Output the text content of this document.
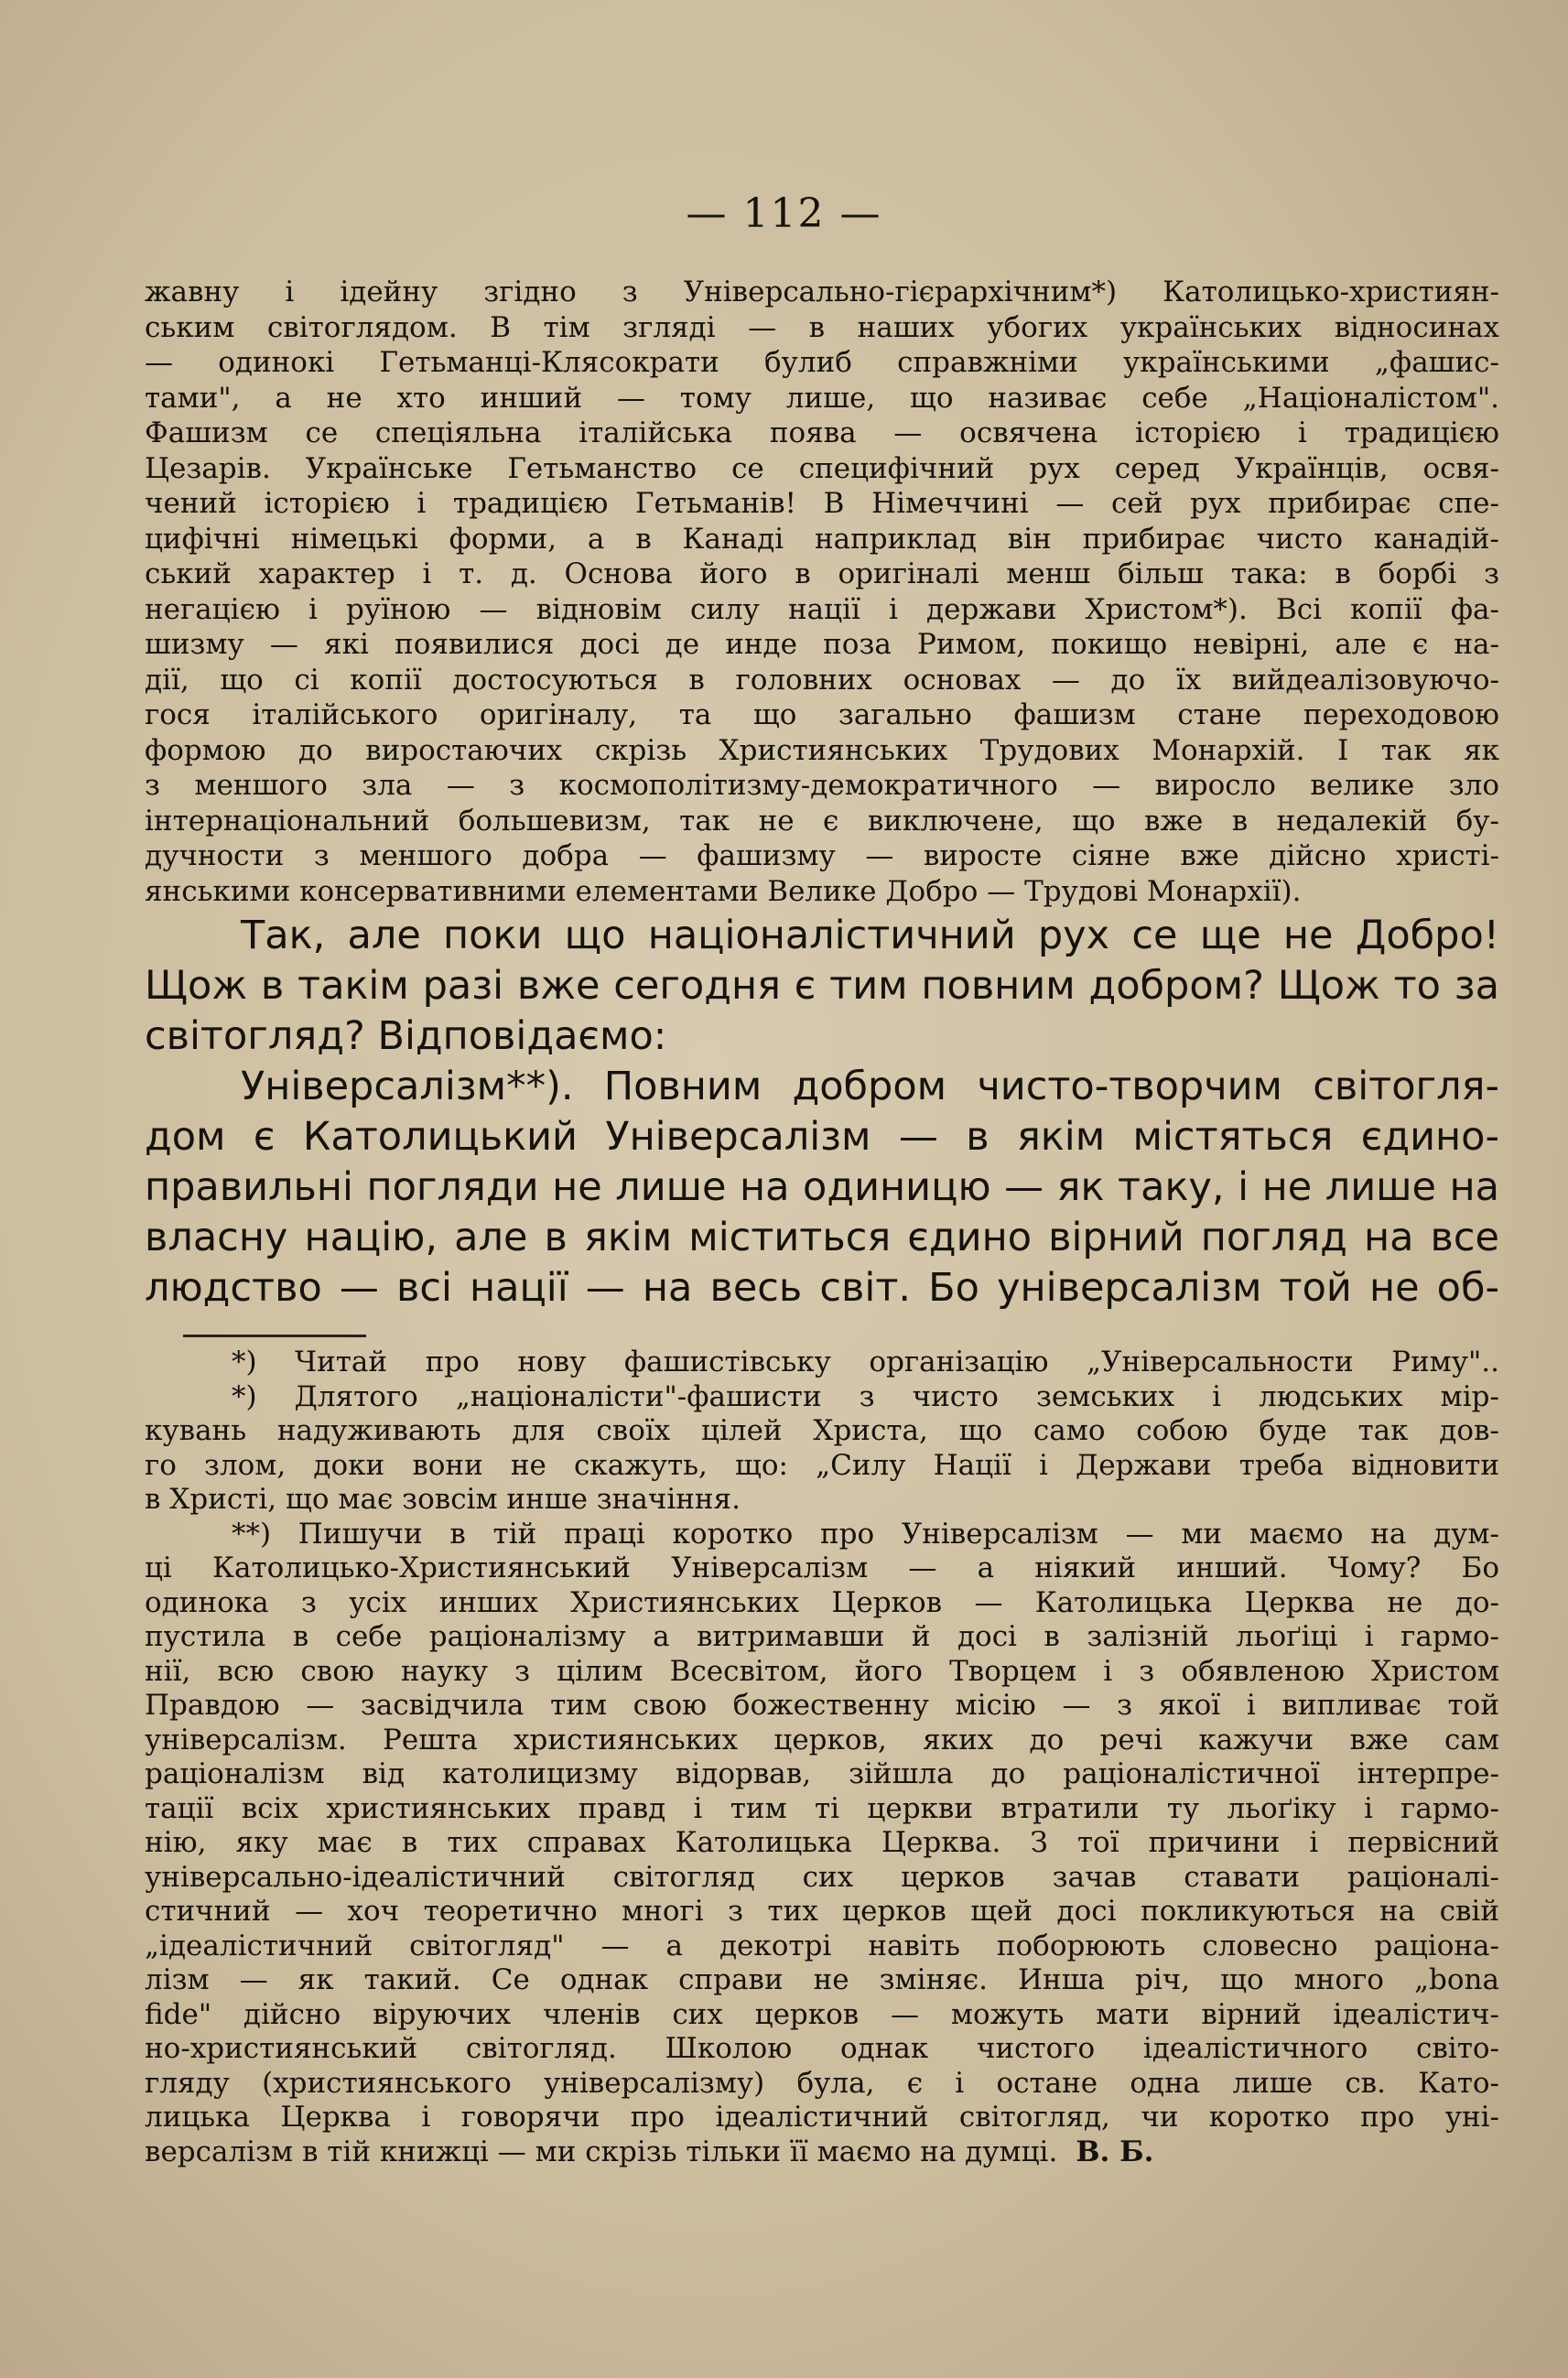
— 112 —
жавну і ідейну згідно з Універсально-гієрархічним*) Католицько-християн-
ським світоглядом. В тім зглядi — в наших убогих українських відносинах
— одинокі Гетьманці-Клясократи булиб справжніми українськими „фашис-
тами", а не хто инший — тому лише, що називає себе „Націоналістом".
Фашизм се спеціяльна італійська поява — освячена історією і традицією
Цезарів. Українське Гетьманство се специфічний рух серед Українців, освя-
чений історією і традицією Гетьманів! В Німеччині — сей рух прибирає спе-
цифічні німецькі форми, а в Канаді наприклад він прибирає чисто канадій-
ський характер і т. д. Основа його в оригіналі менш більш така: в борбі з
негацією і руїною — відновім силу нації і держави Христом*). Всі копії фа-
шизму — які появилися досі де инде поза Римом, покищо невірні, але є на-
дії, що сі копії достосуються в головних основах — до їх вийдеалізовуючо-
гося італійського оригіналу, та що загально фашизм стане переходовою
формою до виростаючих скрізь Християнських Трудових Монархій. І так як
з меншого зла — з космополітизму-демократичного — виросло велике зло
інтернаціональний большевизм, так не є виключене, що вже в недалекій бу-
дучности з меншого добра — фашизму — виросте сіяне вже дійсно христі-
янськими консервативними елементами Велике Добро — Трудові Монархії).
Так, але поки що націоналістичний рух се ще не Добро!
Щож в такім разі вже сегодня є тим повним добром? Щож то за
світогляд? Відповідаємо:
Універсалізм**). Повним добром чисто-творчим світогля-
дом є Католицький Універсалізм — в якім містяться єдино-
правильні погляди не лише на одиницю — як таку, і не лише на
власну націю, але в якім міститься єдино вірний погляд на все
людство — всі нації — на весь світ. Бо універсалізм той не об-
*) Читай про нову фашистівську організацію „Універсальности Риму"..
*) Длятого „націоналісти"-фашисти з чисто земських і людських мір-
кувань надуживають для своїх цілей Христа, що само собою буде так дов-
го злом, доки вони не скажуть, що: „Силу Нації і Держави треба відновити
в Христі, що має зовсім инше значіння.
**) Пишучи в тій праці коротко про Універсалізм — ми маємо на дум-
ці Католицько-Християнський Універсалізм — а ніякий инший. Чому? Бо
одинока з усіх инших Християнських Церков — Католицька Церква не до-
пустила в себе раціоналізму а витримавши й досі в залізній льоґіці і гармо-
нії, всю свою науку з цілим Всесвітом, його Творцем і з обявленою Христом
Правдою — засвідчила тим свою божественну місію — з якої і випливає той
універсалізм. Решта християнських церков, яких до речі кажучи вже сам
раціоналізм від католицизму відорвав, зійшла до раціоналістичної інтерпре-
тації всіх християнських правд і тим ті церкви втратили ту льоґіку і гармо-
нію, яку має в тих справах Католицька Церква. З тої причини і первісний
універсально-ідеалістичний світогляд сих церков зачав ставати раціоналі-
стичний — хоч теоретично многі з тих церков щей досі покликуються на свій
„ідеалістичний світогляд" — а декотрі навіть поборюють словесно раціона-
лізм — як такий. Се однак справи не зміняє. Инша річ, що много „bona
fide" дійсно віруючих членів сих церков — можуть мати вірний ідеалістич-
но-християнський світогляд. Школою однак чистого ідеалістичного світо-
гляду (християнського універсалізму) була, є і остане одна лише св. Като-
лицька Церква і говорячи про ідеалістичний світогляд, чи коротко про уні-
версалізм в тій книжці — ми скрізь тільки її маємо на думці. В. Б.
